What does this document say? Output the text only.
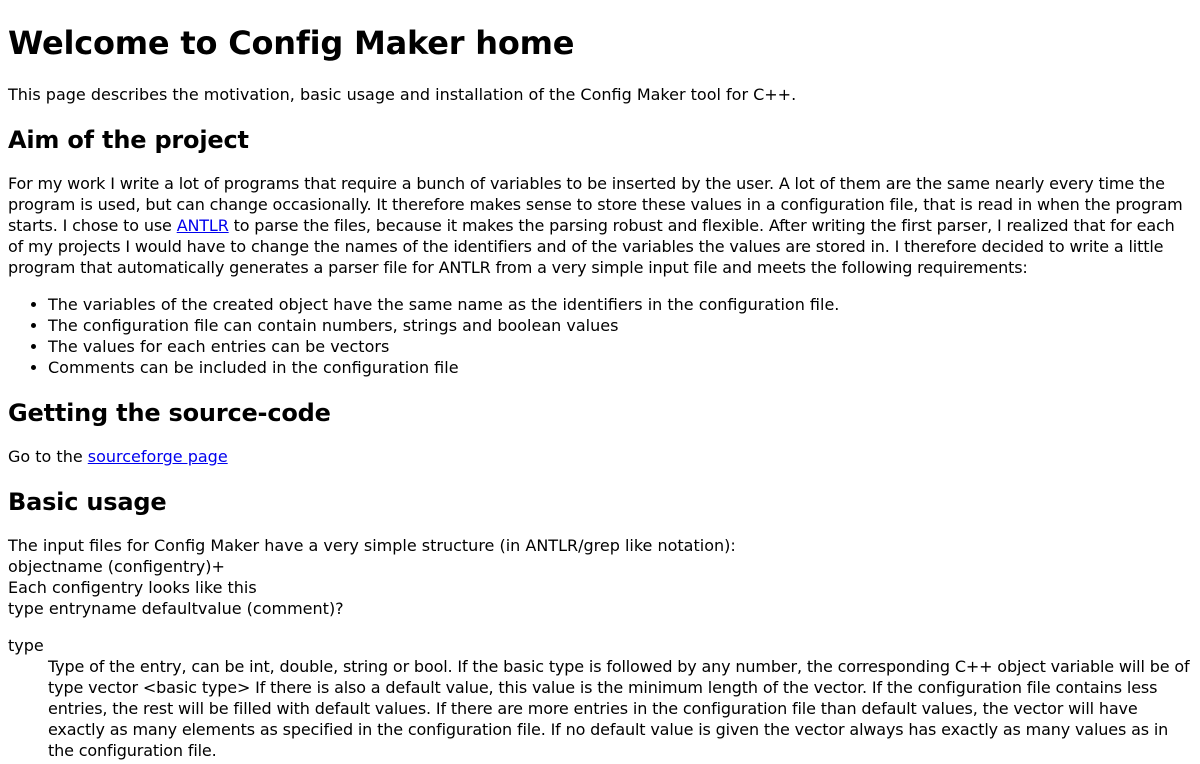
Welcome to Config Maker home

This page describes the motivation, basic usage and installation of the Config Maker tool for C++.

Aim of the project

For my work I write a lot of programs that require a bunch of variables to be inserted by the user. A lot of them are the same nearly every time the program is used, but can change occasionally. It therefore makes sense to store these values in a configuration file, that is read in when the program starts. I chose to use ANTLR to parse the files, because it makes the parsing robust and flexible. After writing the first parser, I realized that for each of my projects I would have to change the names of the identifiers and of the variables the values are stored in. I therefore decided to write a little program that automatically generates a parser file for ANTLR from a very simple input file and meets the following requirements:

• The variables of the created object have the same name as the identifiers in the configuration file.
• The configuration file can contain numbers, strings and boolean values
• The values for each entries can be vectors
• Comments can be included in the configuration file
Getting the source-code

Go to the sourceforge page

Basic usage
The input files for Config Maker have a very simple structure (in ANTLR/grep like notation):
objectname (configentry)+
Each configentry looks like this
type entryname defaultvalue (comment)?
type
Type of the entry, can be int, double, string or bool. If the basic type is followed by any number, the corresponding C++ object variable will be of type vector <basic type> If there is also a default value, this value is the minimum length of the vector. If the configuration file contains less entries, the rest will be filled with default values. If there are more entries in the configuration file than default values, the vector will have exactly as many elements as specified in the configuration file. If no default value is given the vector always has exactly as many values as in the configuration file.
